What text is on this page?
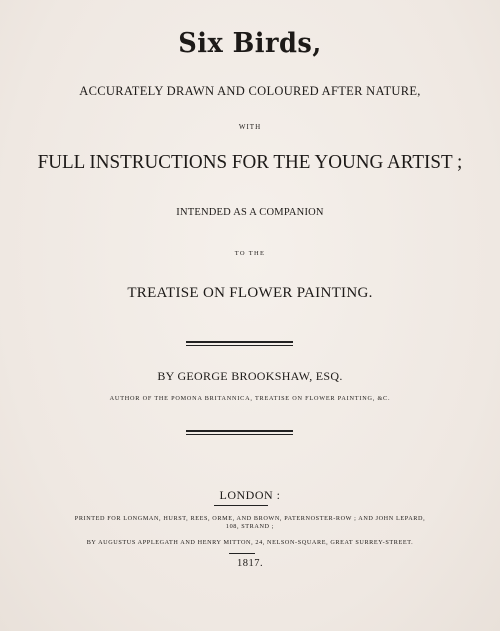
Six Birds,
ACCURATELY DRAWN AND COLOURED AFTER NATURE,
WITH
FULL INSTRUCTIONS FOR THE YOUNG ARTIST ;
INTENDED AS A COMPANION
TO THE
TREATISE ON FLOWER PAINTING.
BY GEORGE BROOKSHAW, ESQ.
AUTHOR OF THE POMONA BRITANNICA, TREATISE ON FLOWER PAINTING, &C.
LONDON :
PRINTED FOR LONGMAN, HURST, REES, ORME, AND BROWN, PATERNOSTER-ROW ; AND JOHN LEPARD,
108, STRAND ;
BY AUGUSTUS APPLEGATH AND HENRY MITTON, 24, NELSON-SQUARE, GREAT SURREY-STREET.
1817.
